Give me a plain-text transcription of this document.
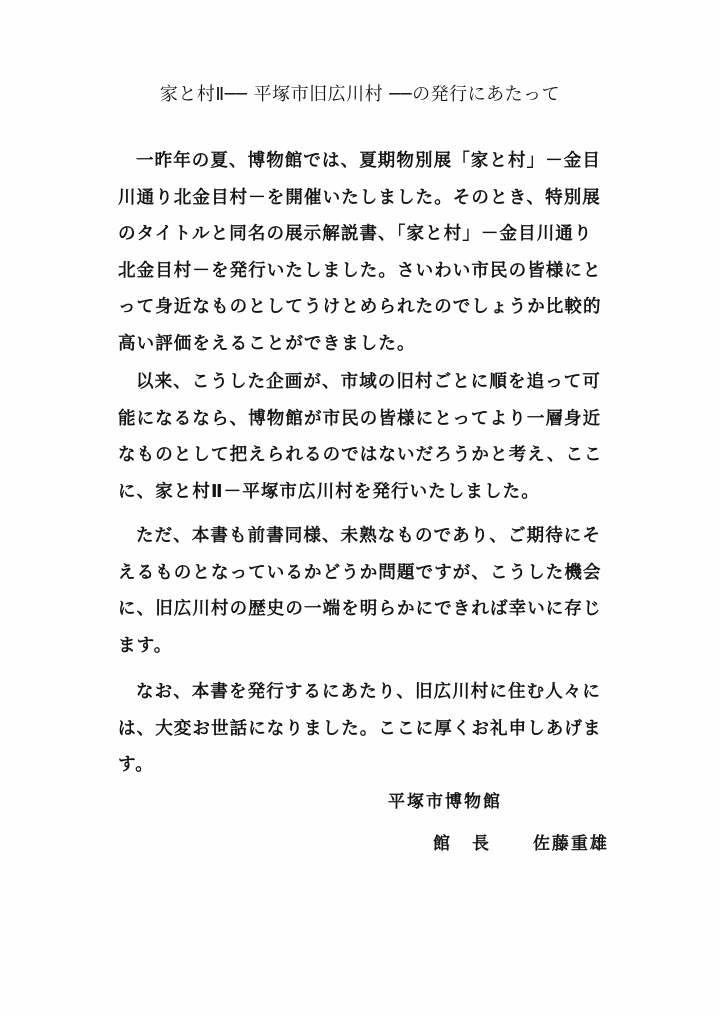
家と村Ⅱ── 平塚市旧広川村 ──の発行にあたって
一昨年の夏、博物館では、夏期物別展「家と村」－金目
川通り北金目村－を開催いたしました。そのとき、特別展
のタイトルと同名の展示解説書、「家と村」－金目川通り
北金目村－を発行いたしました。さいわい市民の皆様にと
って身近なものとしてうけとめられたのでしょうか比較的
高い評価をえることができました。
以来、こうした企画が、市域の旧村ごとに順を追って可
能になるなら、博物館が市民の皆様にとってより一層身近
なものとして把えられるのではないだろうかと考え、ここ
に、家と村Ⅱ－平塚市広川村を発行いたしました。
ただ、本書も前書同様、未熟なものであり、ご期待にそ
えるものとなっているかどうか問題ですが、こうした機会
に、旧広川村の歴史の一端を明らかにできれば幸いに存じ
ます。
なお、本書を発行するにあたり、旧広川村に住む人々に
は、大変お世話になりました。ここに厚くお礼申しあげま
す。
平塚市博物館
館長 佐藤重雄
